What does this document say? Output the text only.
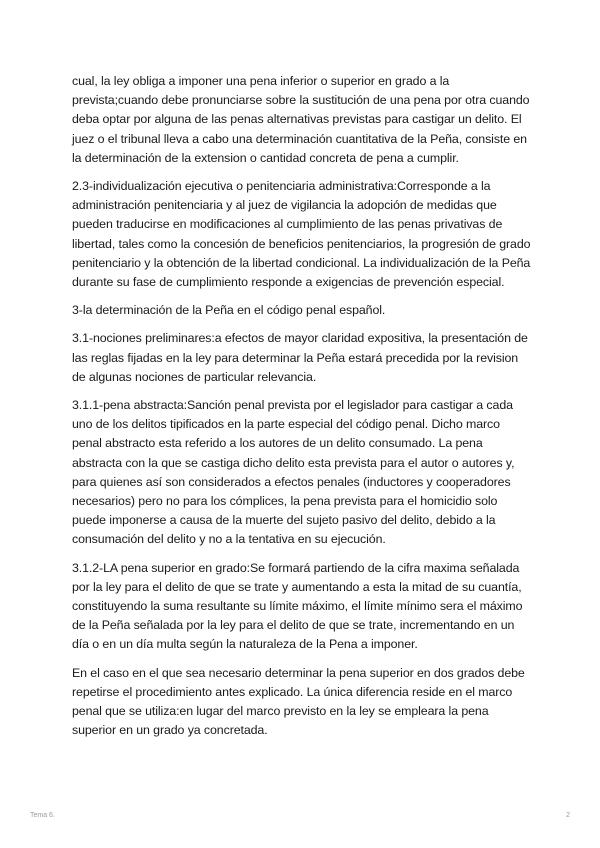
cual, la ley obliga a imponer una pena inferior o superior en grado a la prevista;cuando debe pronunciarse sobre la sustitución de una pena por otra cuando deba optar por alguna de las penas alternativas previstas para castigar un delito. El juez o el tribunal lleva a cabo una determinación cuantitativa de la Peña, consiste en la determinación de la extension o cantidad concreta de pena a cumplir.

2.3-individualización ejecutiva o penitenciaria administrativa:Corresponde a la administración penitenciaria y al juez de vigilancia la adopción de medidas que pueden traducirse en modificaciones al cumplimiento de las penas privativas de libertad, tales como la concesión de beneficios penitenciarios, la progresión de grado penitenciario y la obtención de la libertad condicional. La individualización de la Peña durante su fase de cumplimiento responde a exigencias de prevención especial.

3-la determinación de la Peña en el código penal español.

3.1-nociones preliminares:a efectos de mayor claridad expositiva, la presentación de las reglas fijadas en la ley para determinar la Peña estará precedida por la revision de algunas nociones de particular relevancia.

3.1.1-pena abstracta:Sanción penal prevista por el legislador para castigar a cada uno de los delitos tipificados en la parte especial del código penal. Dicho marco penal abstracto esta referido a los autores de un delito consumado. La pena abstracta con la que se castiga dicho delito esta prevista para el autor o autores y, para quienes así son considerados a efectos penales (inductores y cooperadores necesarios) pero no para los cómplices, la pena prevista para el homicidio solo puede imponerse a causa de la muerte del sujeto pasivo del delito, debido a la consumación del delito y no a la tentativa en su ejecución.

3.1.2-LA pena superior en grado:Se formará partiendo de la cifra maxima señalada por la ley para el delito de que se trate y aumentando a esta la mitad de su cuantía, constituyendo la suma resultante su límite máximo, el límite mínimo sera el máximo de la Peña señalada por la ley para el delito de que se trate, incrementando en un día o en un día multa según la naturaleza de la Pena a imponer.

En el caso en el que sea necesario determinar la pena superior en dos grados debe repetirse el procedimiento antes explicado. La única diferencia reside en el marco penal que se utiliza:en lugar del marco previsto en la ley se empleara la pena superior en un grado ya concretada.

Tema 6.	2
